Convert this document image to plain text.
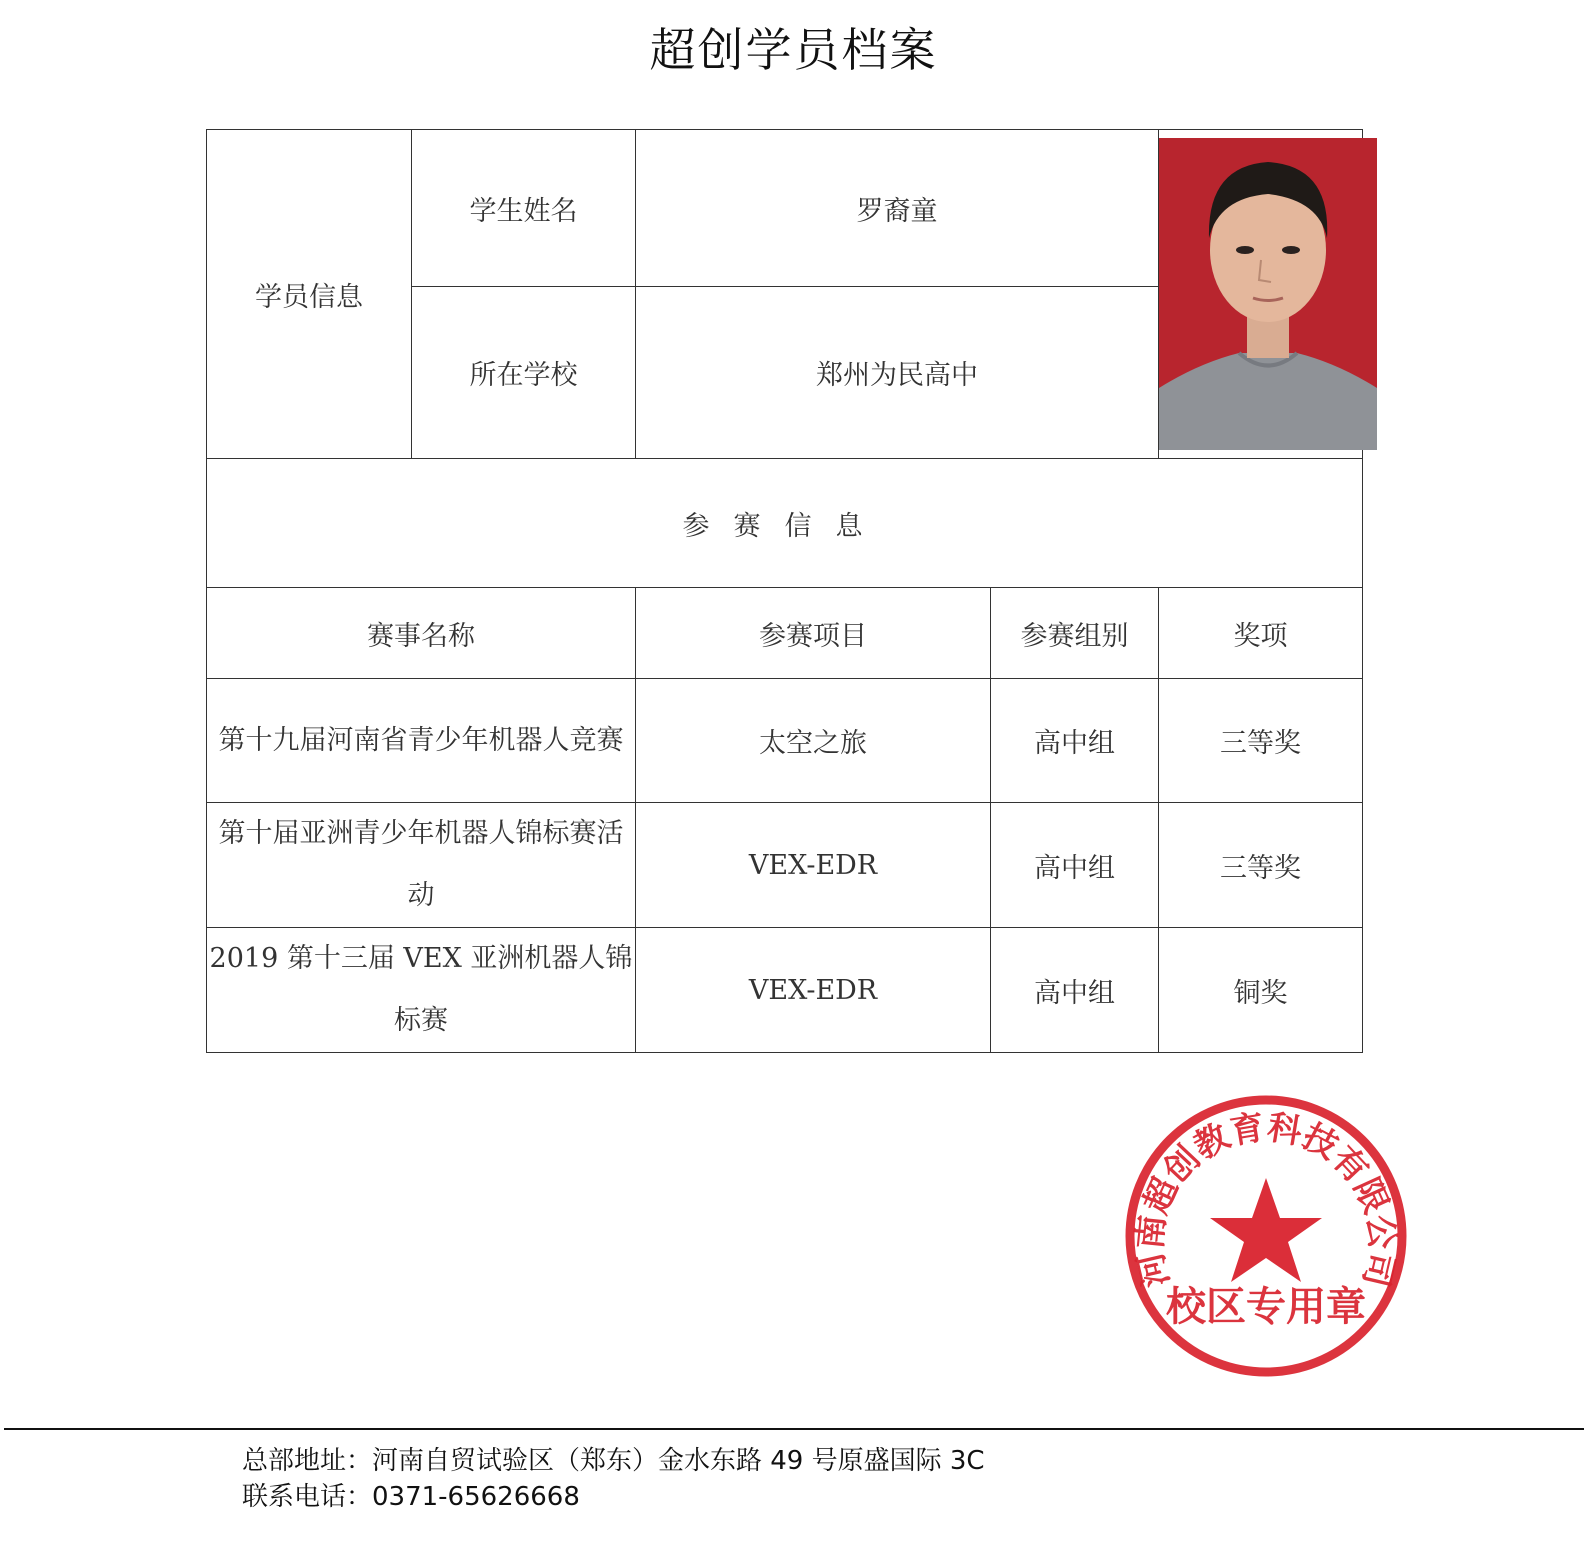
超创学员档案
学员信息	学生姓名	罗裔童	

	所在学校	郑州为民高中		
参赛信息				
赛事名称		参赛项目	参赛组别	奖项
第十九届河南省青少年机器人竞赛		太空之旅	高中组	三等奖
第十届亚洲青少年机器人锦标赛活动		VEX-EDR	高中组	三等奖
2019 第十三届 VEX 亚洲机器人锦标赛		VEX-EDR	高中组	铜奖
河南超创教育科技有限公司
校区专用章
总部地址：河南自贸试验区（郑东）金水东路 49 号原盛国际 3C
联系电话：0371-65626668
